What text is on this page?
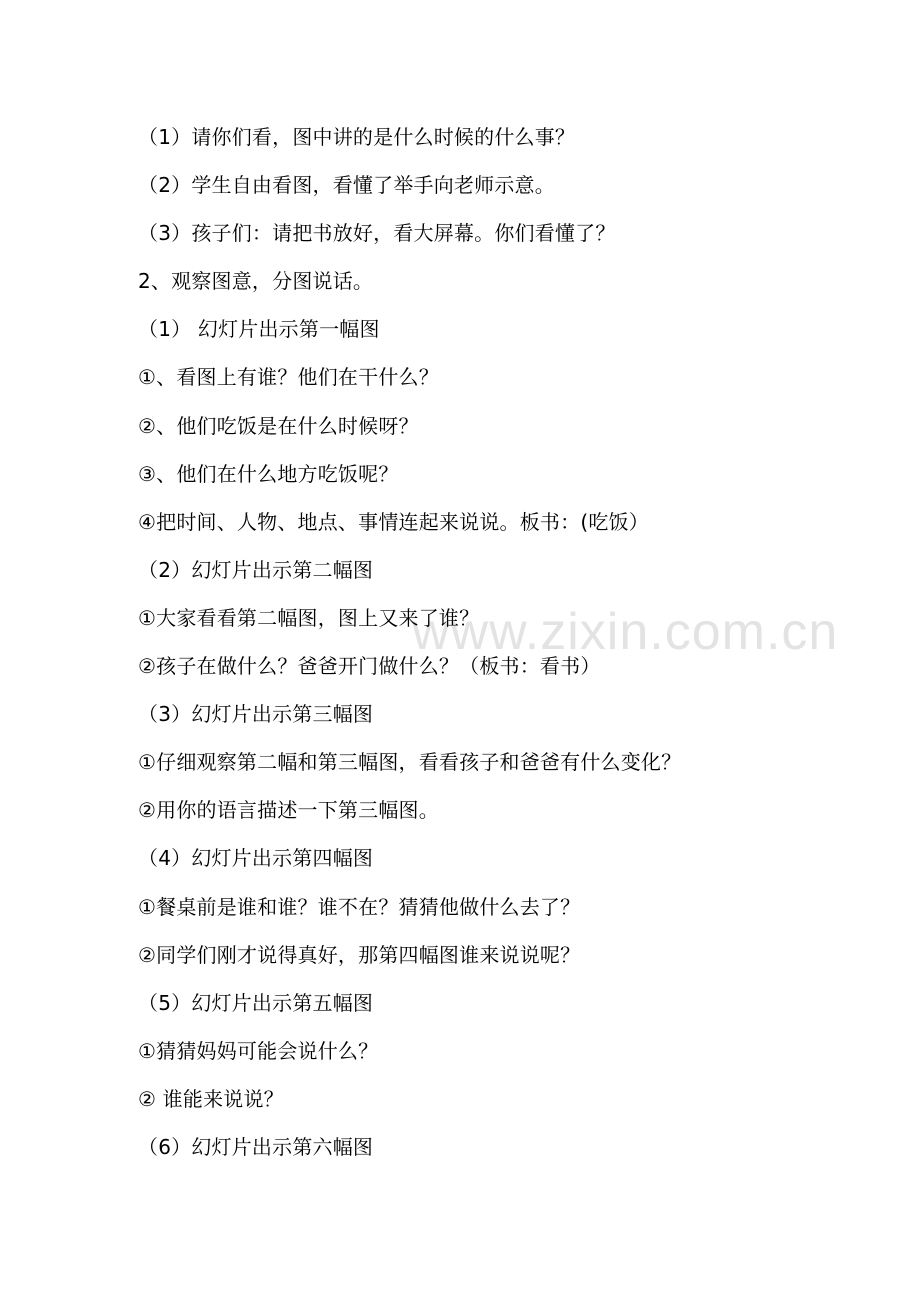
www.zixin.com.cn
（1）请你们看，图中讲的是什么时候的什么事？
（2）学生自由看图，看懂了举手向老师示意。
（3）孩子们：请把书放好，看大屏幕。你们看懂了？
2、观察图意，分图说话。
（1） 幻灯片出示第一幅图
①、看图上有谁？他们在干什么？
②、他们吃饭是在什么时候呀？
③、他们在什么地方吃饭呢？
④把时间、人物、地点、事情连起来说说。板书：(吃饭）
（2）幻灯片出示第二幅图
①大家看看第二幅图，图上又来了谁？
②孩子在做什么？爸爸开门做什么？（板书：看书）
（3）幻灯片出示第三幅图
①仔细观察第二幅和第三幅图，看看孩子和爸爸有什么变化？
②用你的语言描述一下第三幅图。
（4）幻灯片出示第四幅图
①餐桌前是谁和谁？谁不在？猜猜他做什么去了？
②同学们刚才说得真好，那第四幅图谁来说说呢？
（5）幻灯片出示第五幅图
①猜猜妈妈可能会说什么？
② 谁能来说说？
（6）幻灯片出示第六幅图
